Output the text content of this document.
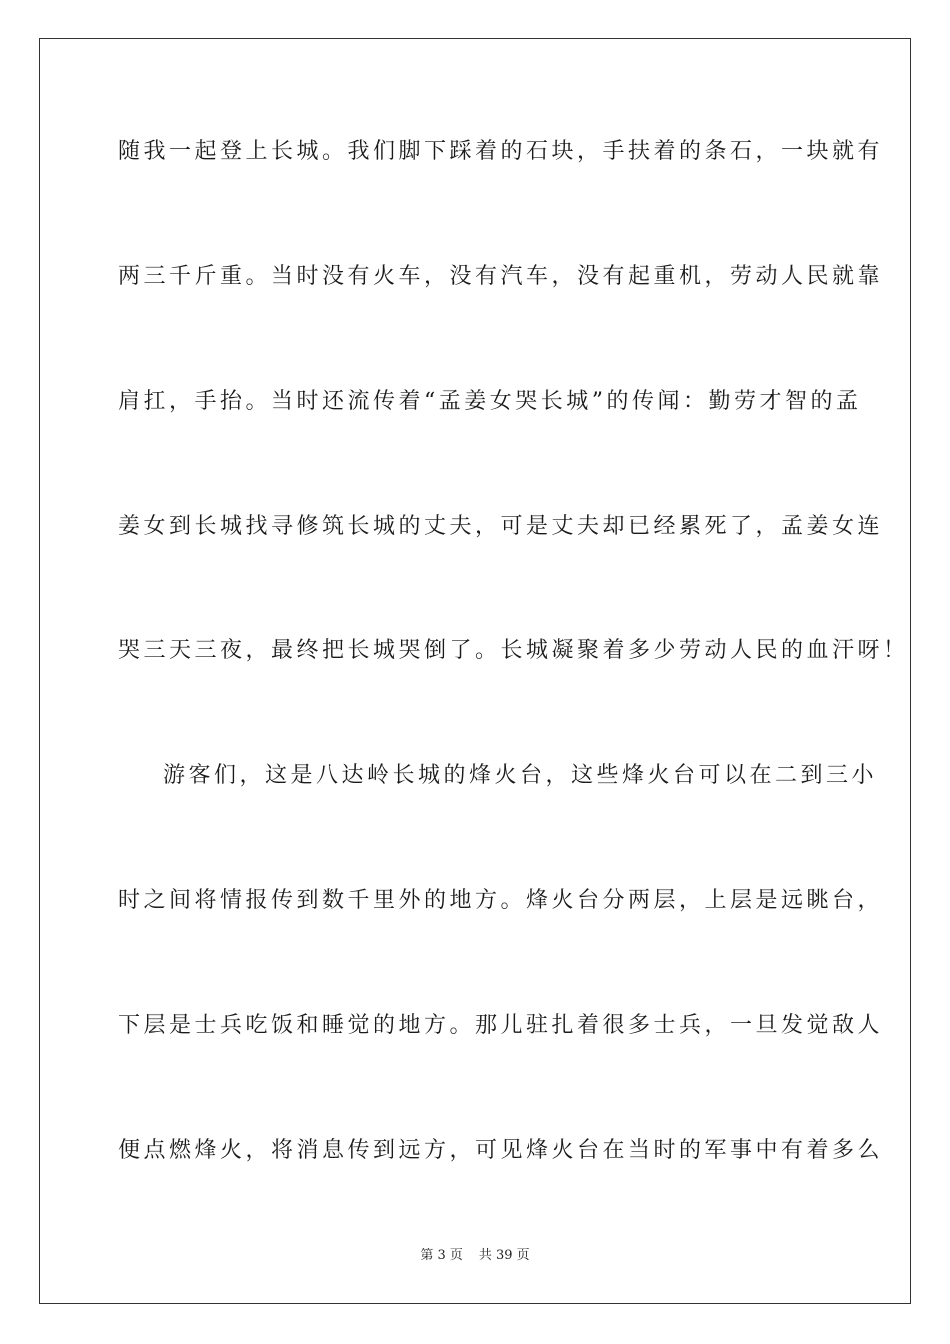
随我一起登上长城。我们脚下踩着的石块，手扶着的条石，一块就有
两三千斤重。当时没有火车，没有汽车，没有起重机，劳动人民就靠
肩扛，手抬。当时还流传着“孟姜女哭长城”的传闻：勤劳才智的孟
姜女到长城找寻修筑长城的丈夫，可是丈夫却已经累死了，孟姜女连
哭三天三夜，最终把长城哭倒了。长城凝聚着多少劳动人民的血汗呀！
游客们，这是八达岭长城的烽火台，这些烽火台可以在二到三小
时之间将情报传到数千里外的地方。烽火台分两层，上层是远眺台，
下层是士兵吃饭和睡觉的地方。那儿驻扎着很多士兵，一旦发觉敌人
便点燃烽火，将消息传到远方，可见烽火台在当时的军事中有着多么
第 3 页 共 39 页
